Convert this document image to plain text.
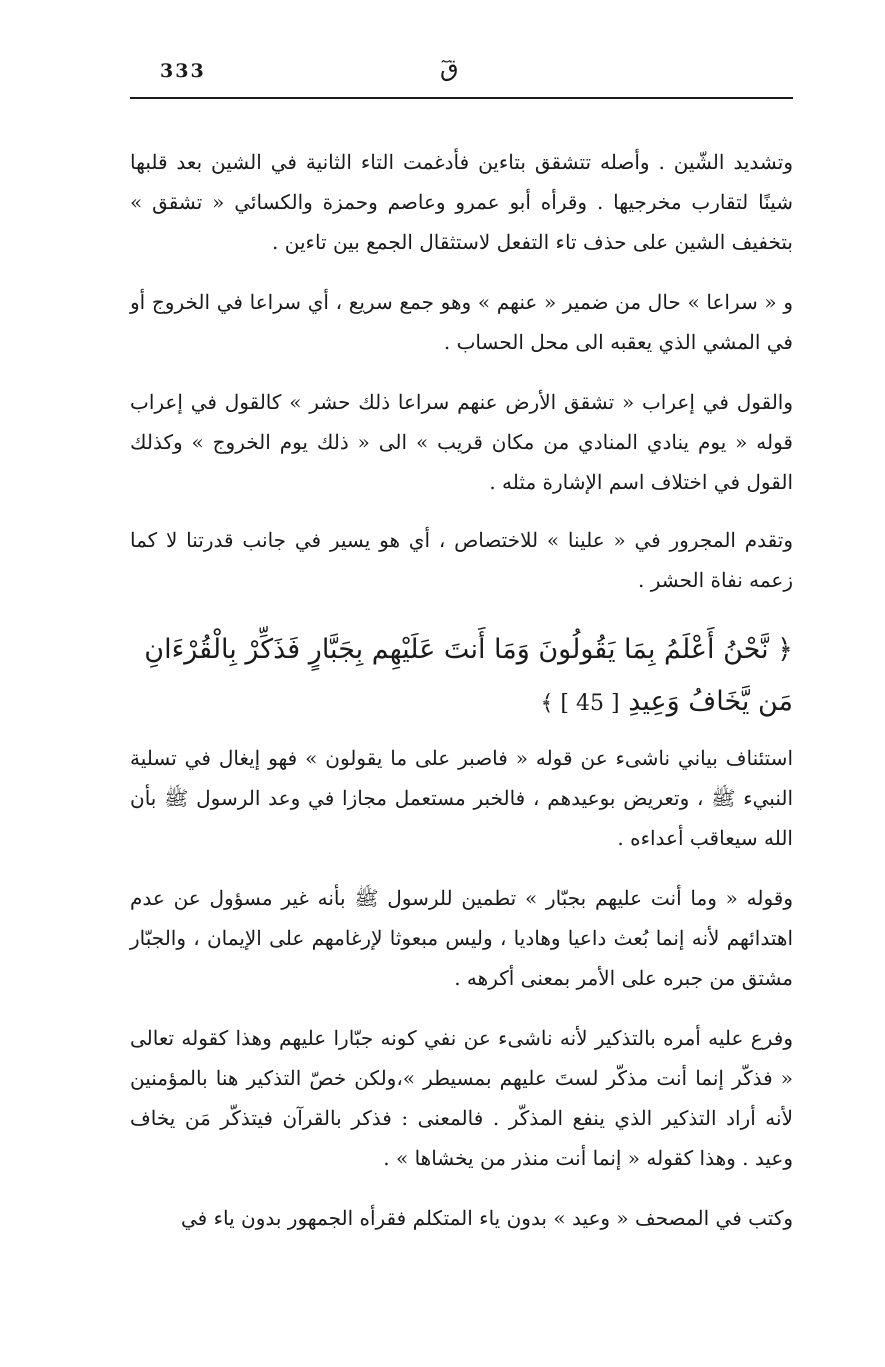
333	قٓ
وتشديد الشّين . وأصله تتشقق بتاءين فأدغمت التاء الثانية في الشين بعد قلبها شينًا لتقارب مخرجيها . وقرأه أبو عمرو وعاصم وحمزة والكسائي « تشقق » بتخفيف الشين على حذف تاء التفعل لاستثقال الجمع بين تاءين .
و « سراعا » حال من ضمير « عنهم » وهو جمع سريع ، أي سراعا في الخروج أو في المشي الذي يعقبه الى محل الحساب .
والقول في إعراب « تشقق الأرض عنهم سراعا ذلك حشر » كالقول في إعراب قوله « يوم ينادي المنادي من مكان قريب » الى « ذلك يوم الخروج » وكذلك القول في اختلاف اسم الإشارة مثله .
وتقدم المجرور في « علينا » للاختصاص ، أي هو يسير في جانب قدرتنا لا كما زعمه نفاة الحشر .
﴿ نَّحْنُ أَعْلَمُ بِمَا يَقُولُونَ وَمَا أَنتَ عَلَيْهِم بِجَبَّارٍ فَذَكِّرْ بِالْقُرْءَانِ مَن يَّخَافُ وَعِيدِ [ 45 ] ﴾
استئناف بياني ناشىء عن قوله « فاصبر على ما يقولون » فهو إيغال في تسلية النبيء ﷺ ، وتعريض بوعيدهم ، فالخبر مستعمل مجازا في وعد الرسول ﷺ بأن الله سيعاقب أعداءه .
وقوله « وما أنت عليهم بجبّار » تطمين للرسول ﷺ بأنه غير مسؤول عن عدم اهتدائهم لأنه إنما بُعث داعيا وهاديا ، وليس مبعوثا لإرغامهم على الإيمان ، والجبّار مشتق من جبره على الأمر بمعنى أكرهه .
وفرع عليه أمره بالتذكير لأنه ناشىء عن نفي كونه جبّارا عليهم وهذا كقوله تعالى « فذكّر إنما أنت مذكّر لستَ عليهم بمسيطر »،ولكن خصّ التذكير هنا بالمؤمنين لأنه أراد التذكير الذي ينفع المذكّر . فالمعنى : فذكر بالقرآن فيتذكّر مَن يخاف وعيد . وهذا كقوله « إنما أنت منذر من يخشاها » .
وكتب في المصحف « وعيد » بدون ياء المتكلم فقرأه الجمهور بدون ياء في
